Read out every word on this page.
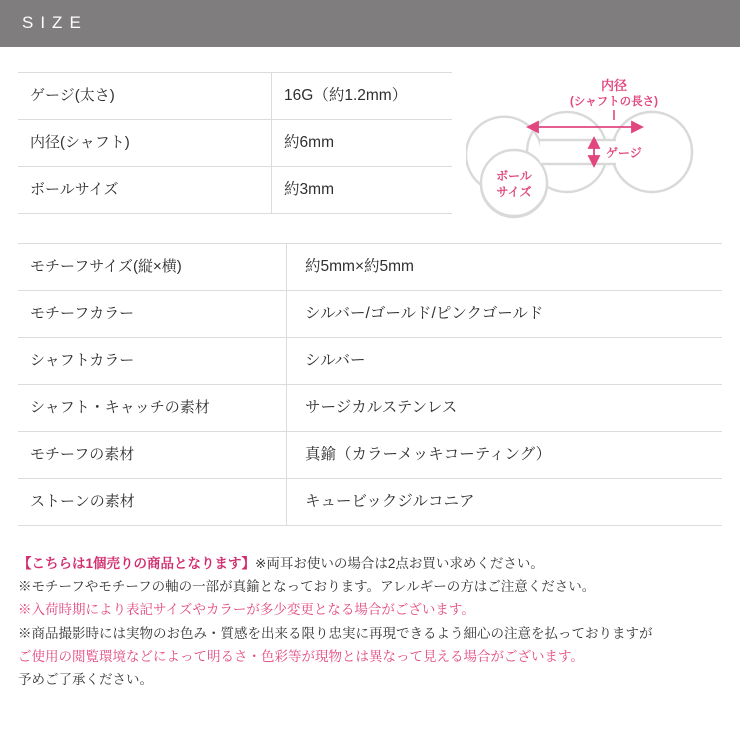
SIZE
ゲージ(太さ)	16G（約1.2mm）
内径(シャフト)	約6mm
ボールサイズ	約3mm
内径
(シャフトの長さ)
ゲージ
ボール
サイズ
モチーフサイズ(縦×横)	約5mm×約5mm
モチーフカラー	シルバー/ゴールド/ピンクゴールド
シャフトカラー	シルバー
シャフト・キャッチの素材	サージカルステンレス
モチーフの素材	真鍮（カラーメッキコーティング）
ストーンの素材	キュービックジルコニア
【こちらは1個売りの商品となります】※両耳お使いの場合は2点お買い求めください。
※モチーフやモチーフの軸の一部が真鍮となっております。アレルギーの方はご注意ください。
※入荷時期により表記サイズやカラーが多少変更となる場合がございます。
※商品撮影時には実物のお色み・質感を出来る限り忠実に再現できるよう細心の注意を払っておりますが
ご使用の閲覧環境などによって明るさ・色彩等が現物とは異なって見える場合がございます。
予めご了承ください。
